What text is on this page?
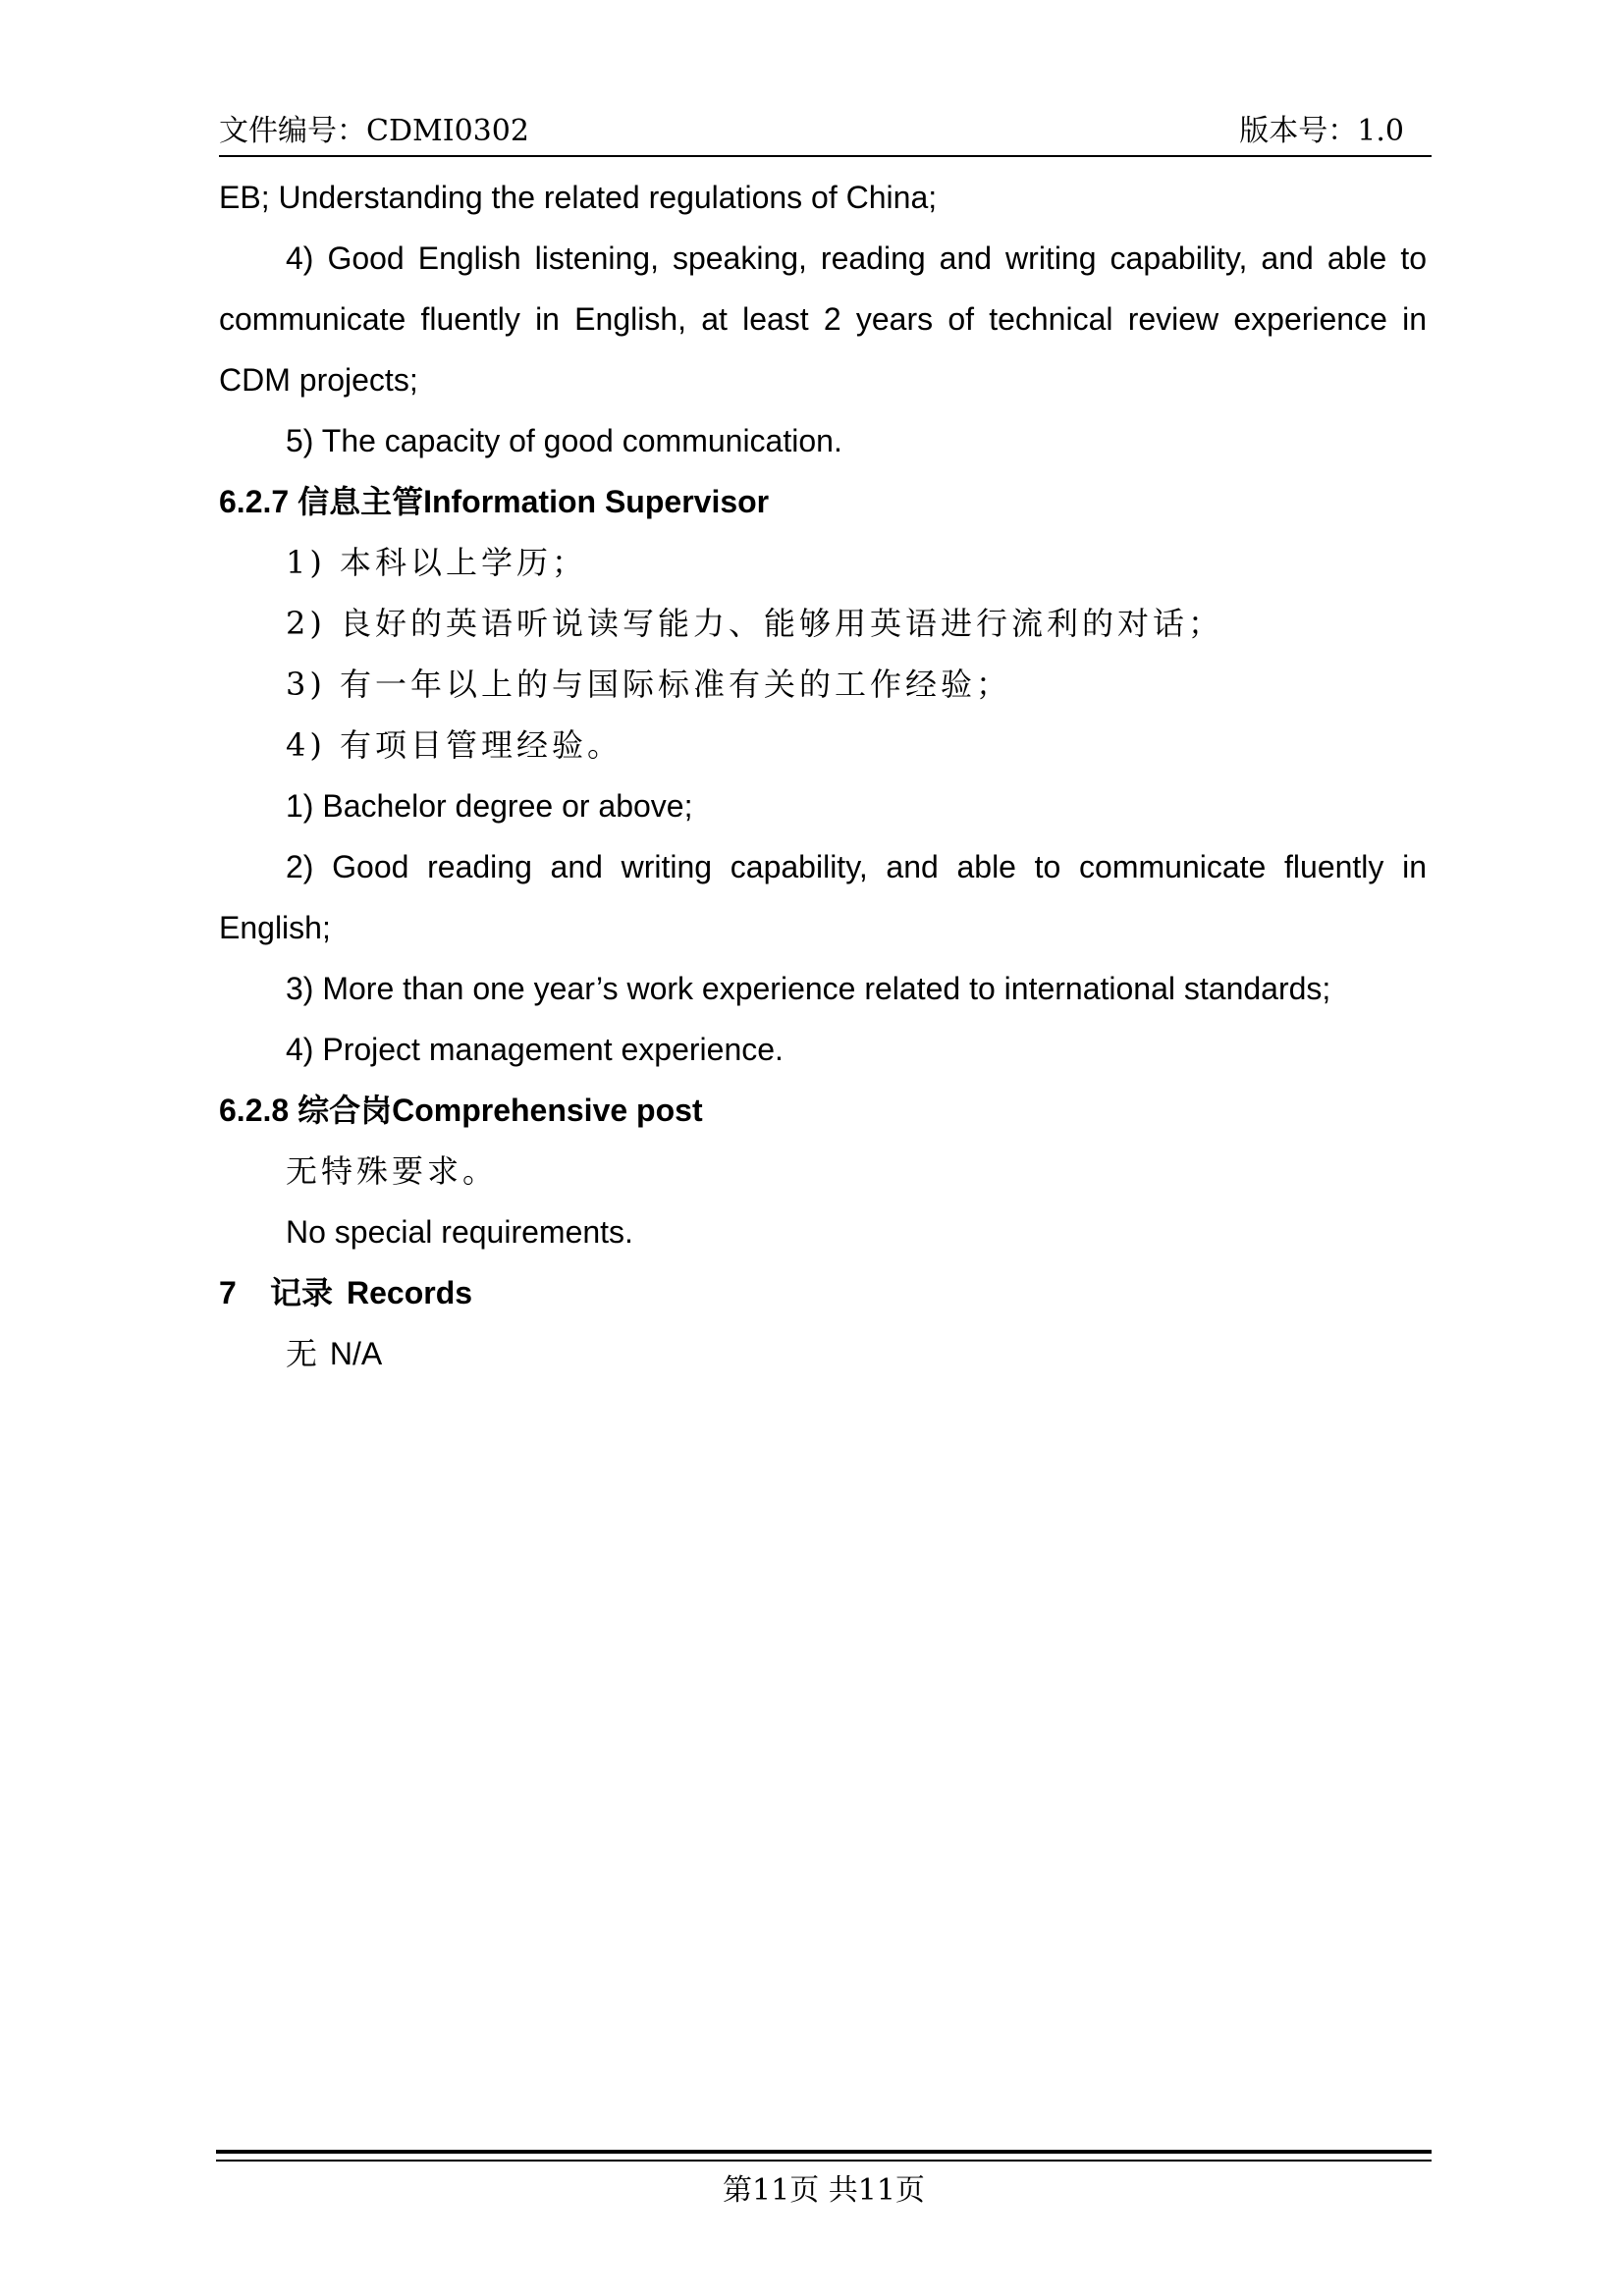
文件编号：CDMI0302	版本号：1.0
EB; Understanding the related regulations of China;
4) Good English listening, speaking, reading and writing capability, and able to
communicate fluently in English, at least 2 years of technical review experience in
CDM projects;
5) The capacity of good communication.
6.2.7 信息主管Information Supervisor
1) 本科以上学历；
2) 良好的英语听说读写能力、能够用英语进行流利的对话；
3) 有一年以上的与国际标准有关的工作经验；
4) 有项目管理经验。
1) Bachelor degree or above;
2) Good reading and writing capability, and able to communicate fluently in
English;
3) More than one year’s work experience related to international standards;
4) Project management experience.
6.2.8 综合岗Comprehensive post
无特殊要求。
No special requirements.
7 记录 Records
无 N/A
第11页 共11页
